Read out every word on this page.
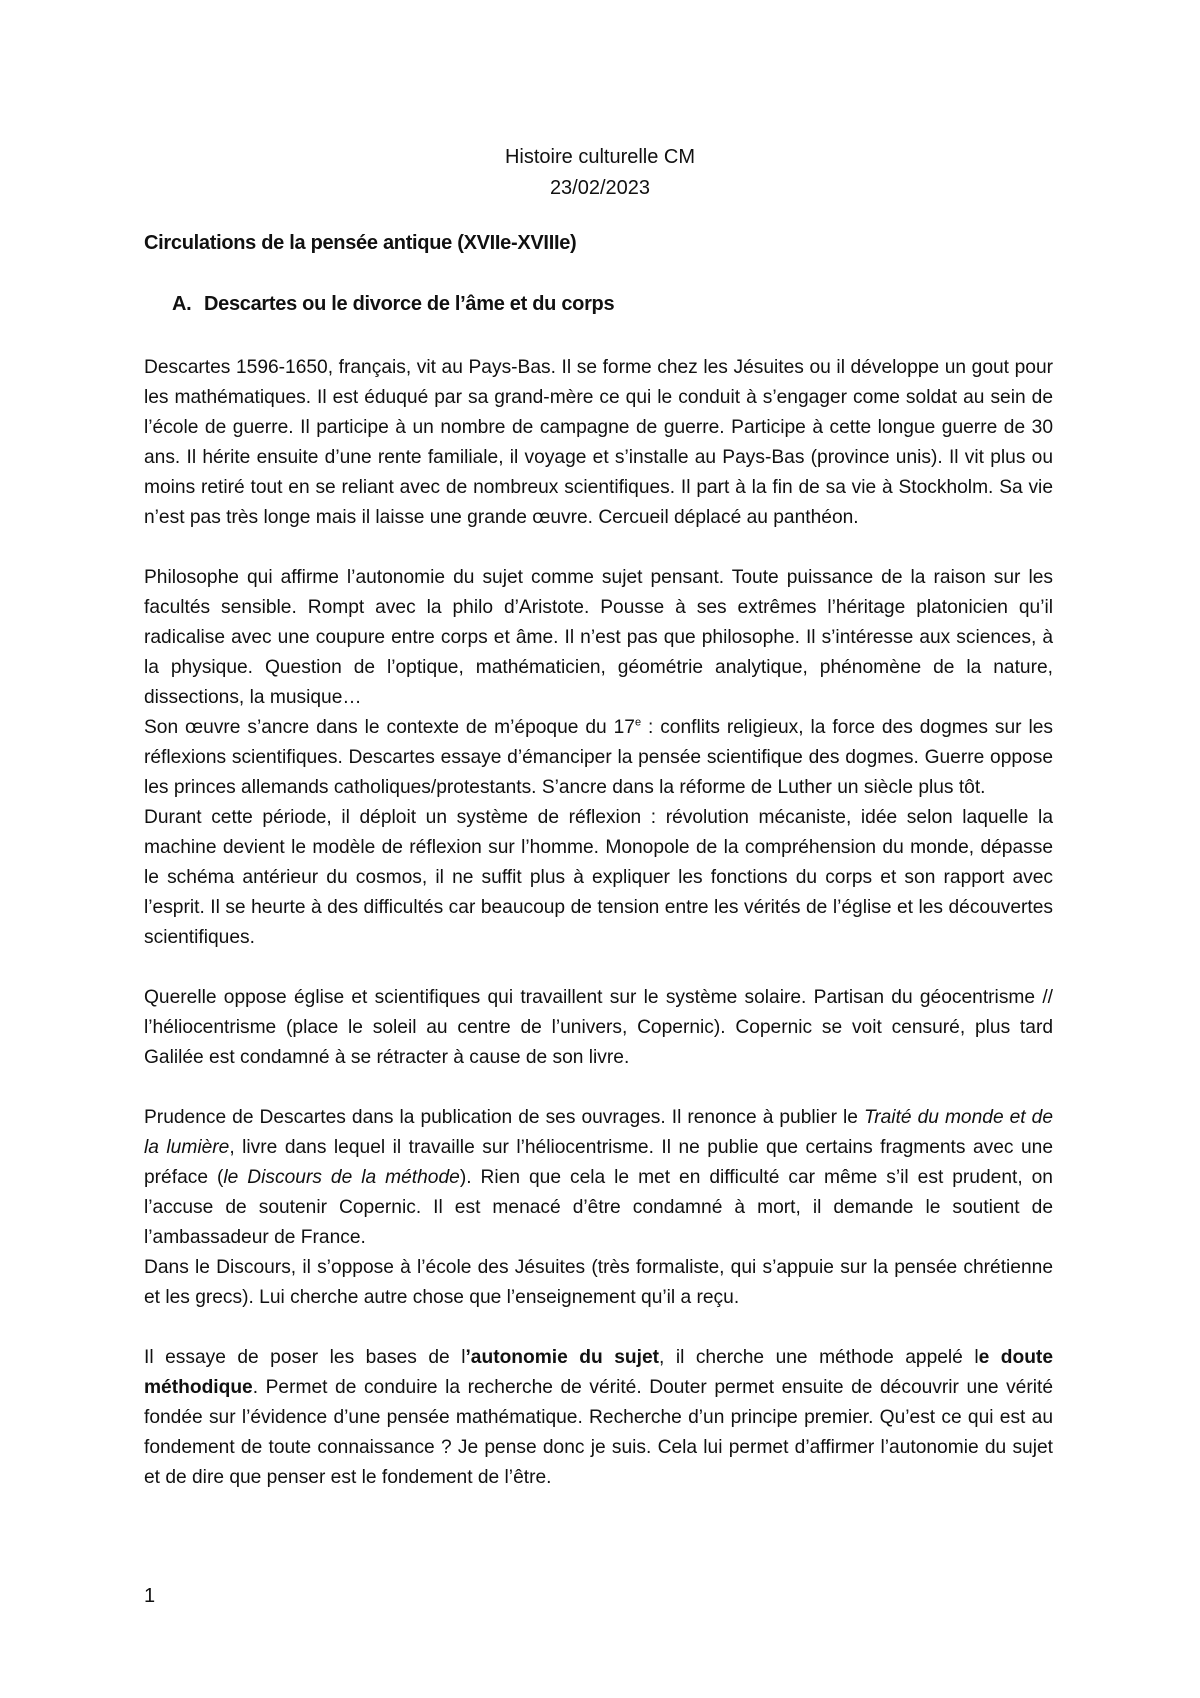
Histoire culturelle CM
23/02/2023
Circulations de la pensée antique (XVIIe-XVIIIe)
A. Descartes ou le divorce de l’âme et du corps

Descartes 1596-1650, français, vit au Pays-Bas. Il se forme chez les Jésuites ou il développe un gout pour les mathématiques. Il est éduqué par sa grand-mère ce qui le conduit à s’engager come soldat au sein de l’école de guerre. Il participe à un nombre de campagne de guerre. Participe à cette longue guerre de 30 ans. Il hérite ensuite d’une rente familiale, il voyage et s’installe au Pays-Bas (province unis). Il vit plus ou moins retiré tout en se reliant avec de nombreux scientifiques. Il part à la fin de sa vie à Stockholm. Sa vie n’est pas très longe mais il laisse une grande œuvre. Cercueil déplacé au panthéon.

Philosophe qui affirme l’autonomie du sujet comme sujet pensant. Toute puissance de la raison sur les facultés sensible. Rompt avec la philo d’Aristote. Pousse à ses extrêmes l’héritage platonicien qu’il radicalise avec une coupure entre corps et âme. Il n’est pas que philosophe. Il s’intéresse aux sciences, à la physique. Question de l’optique, mathématicien, géométrie analytique, phénomène de la nature, dissections, la musique…

Son œuvre s’ancre dans le contexte de m’époque du 17e : conflits religieux, la force des dogmes sur les réflexions scientifiques. Descartes essaye d’émanciper la pensée scientifique des dogmes. Guerre oppose les princes allemands catholiques/protestants. S’ancre dans la réforme de Luther un siècle plus tôt.

Durant cette période, il déploit un système de réflexion : révolution mécaniste, idée selon laquelle la machine devient le modèle de réflexion sur l’homme. Monopole de la compréhension du monde, dépasse le schéma antérieur du cosmos, il ne suffit plus à expliquer les fonctions du corps et son rapport avec l’esprit. Il se heurte à des difficultés car beaucoup de tension entre les vérités de l’église et les découvertes scientifiques.

Querelle oppose église et scientifiques qui travaillent sur le système solaire. Partisan du géocentrisme // l’héliocentrisme (place le soleil au centre de l’univers, Copernic). Copernic se voit censuré, plus tard Galilée est condamné à se rétracter à cause de son livre.

Prudence de Descartes dans la publication de ses ouvrages. Il renonce à publier le Traité du monde et de la lumière, livre dans lequel il travaille sur l’héliocentrisme. Il ne publie que certains fragments avec une préface (le Discours de la méthode). Rien que cela le met en difficulté car même s’il est prudent, on l’accuse de soutenir Copernic. Il est menacé d’être condamné à mort, il demande le soutient de l’ambassadeur de France.

Dans le Discours, il s’oppose à l’école des Jésuites (très formaliste, qui s’appuie sur la pensée chrétienne et les grecs). Lui cherche autre chose que l’enseignement qu’il a reçu.

Il essaye de poser les bases de l’autonomie du sujet, il cherche une méthode appelé le doute méthodique. Permet de conduire la recherche de vérité. Douter permet ensuite de découvrir une vérité fondée sur l’évidence d’une pensée mathématique. Recherche d’un principe premier. Qu’est ce qui est au fondement de toute connaissance ? Je pense donc je suis. Cela lui permet d’affirmer l’autonomie du sujet et de dire que penser est le fondement de l’être.

1
